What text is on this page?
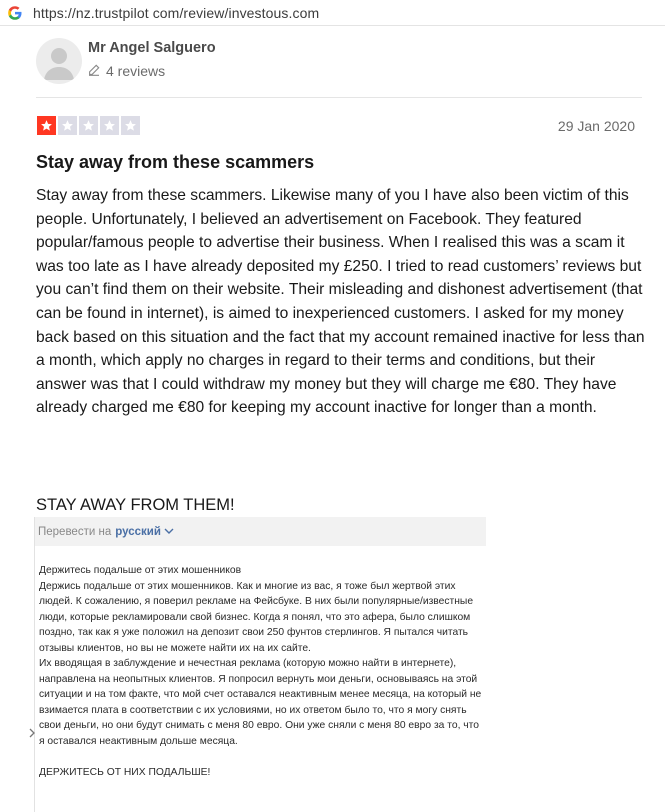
https://nz.trustpilot com/review/investous.com
Mr Angel Salguero
4 reviews
29 Jan 2020
Stay away from these scammers
Stay away from these scammers. Likewise many of you I have also been victim of this people. Unfortunately, I believed an advertisement on Facebook. They featured popular/famous people to advertise their business. When I realised this was a scam it was too late as I have already deposited my £250. I tried to read customers’ reviews but you can’t find them on their website. Their misleading and dishonest advertisement (that can be found in internet), is aimed to inexperienced customers. I asked for my money back based on this situation and the fact that my account remained inactive for less than a month, which apply no charges in regard to their terms and conditions, but their answer was that I could withdraw my money but they will charge me €80. They have already charged me €80 for keeping my account inactive for longer than a month.
STAY AWAY FROM THEM!
Перевести на русский

Держитесь подальше от этих мошенников

Держись подальше от этих мошенников. Как и многие из вас, я тоже был жертвой этих людей. К сожалению, я поверил рекламе на Фейсбуке. В них были популярные/известные люди, которые рекламировали свой бизнес. Когда я понял, что это афера, было слишком поздно, так как я уже положил на депозит свои 250 фунтов стерлингов. Я пытался читать отзывы клиентов, но вы не можете найти их на их сайте.

Их вводящая в заблуждение и нечестная реклама (которую можно найти в интернете), направлена на неопытных клиентов. Я попросил вернуть мои деньги, основываясь на этой ситуации и на том факте, что мой счет оставался неактивным менее месяца, на который не взимается плата в соответствии с их условиями, но их ответом было то, что я могу снять свои деньги, но они будут снимать с меня 80 евро. Они уже сняли с меня 80 евро за то, что я оставался неактивным дольше месяца.

ДЕРЖИТЕСЬ ОТ НИХ ПОДАЛЬШЕ!
